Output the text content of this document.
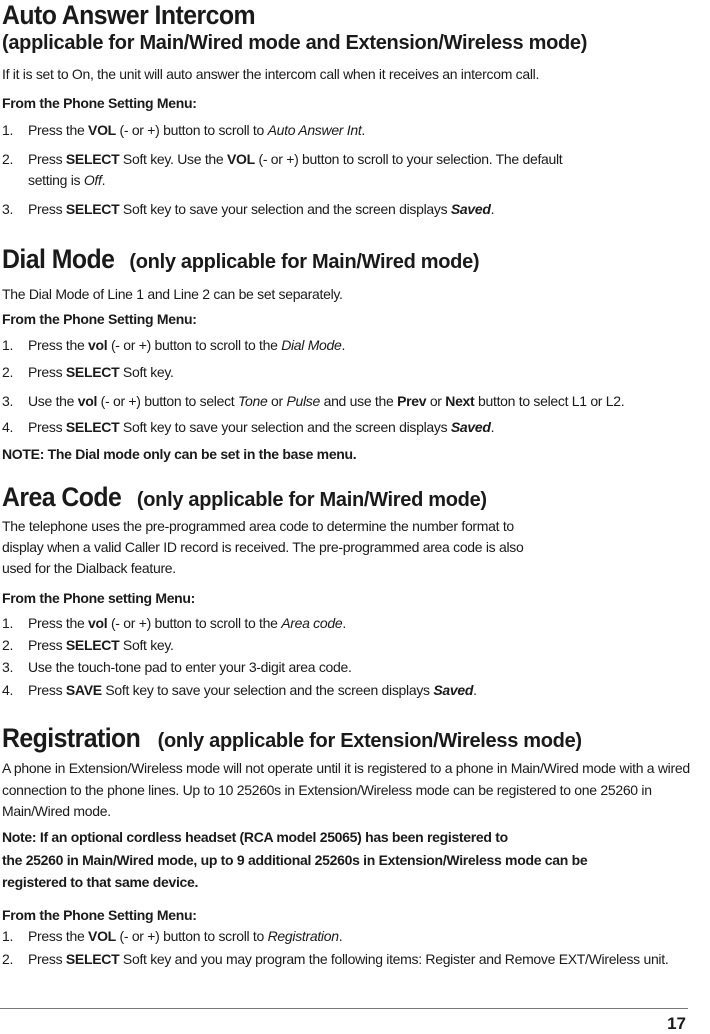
Auto Answer Intercom
(applicable for Main/Wired mode and Extension/Wireless mode)
If it is set to On, the unit will auto answer the intercom call when it receives an intercom call.
From the Phone Setting Menu:
1. Press the VOL (- or +) button to scroll to Auto Answer Int.
2. Press SELECT Soft key. Use the VOL (- or +) button to scroll to your selection. The default
setting is Off.
3. Press SELECT Soft key to save your selection and the screen displays Saved.
Dial Mode (only applicable for Main/Wired mode)
The Dial Mode of Line 1 and Line 2 can be set separately.
From the Phone Setting Menu:
1. Press the vol (- or +) button to scroll to the Dial Mode.
2. Press SELECT Soft key.
3. Use the vol (- or +) button to select Tone or Pulse and use the Prev or Next button to select L1 or L2.
4. Press SELECT Soft key to save your selection and the screen displays Saved.
NOTE: The Dial mode only can be set in the base menu.
Area Code (only applicable for Main/Wired mode)
The telephone uses the pre-programmed area code to determine the number format to
display when a valid Caller ID record is received. The pre-programmed area code is also
used for the Dialback feature.
From the Phone setting Menu:
1. Press the vol (- or +) button to scroll to the Area code.
2. Press SELECT Soft key.
3. Use the touch-tone pad to enter your 3-digit area code.
4. Press SAVE Soft key to save your selection and the screen displays Saved.
Registration (only applicable for Extension/Wireless mode)
A phone in Extension/Wireless mode will not operate until it is registered to a phone in Main/Wired mode with a wired
connection to the phone lines. Up to 10 25260s in Extension/Wireless mode can be registered to one 25260 in
Main/Wired mode.
Note: If an optional cordless headset (RCA model 25065) has been registered to
the 25260 in Main/Wired mode, up to 9 additional 25260s in Extension/Wireless mode can be
registered to that same device.
From the Phone Setting Menu:
1. Press the VOL (- or +) button to scroll to Registration.
2. Press SELECT Soft key and you may program the following items: Register and Remove EXT/Wireless unit.
17
